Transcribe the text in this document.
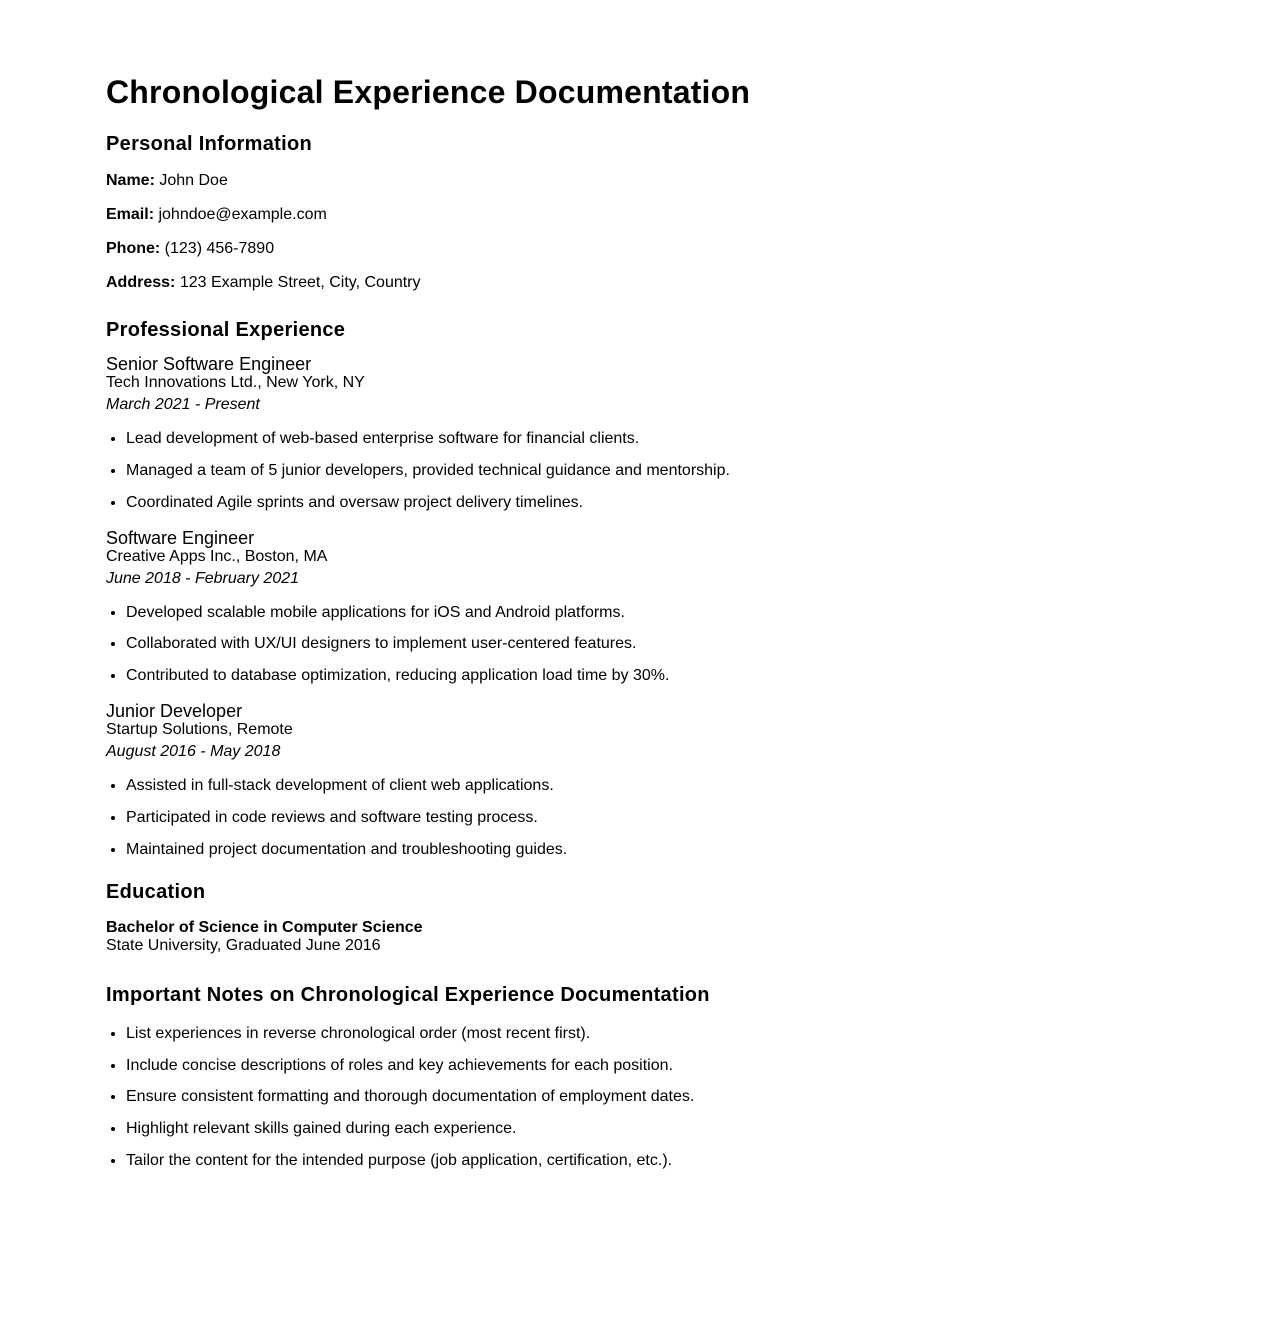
Chronological Experience Documentation
Personal Information

Name: John Doe

Email: johndoe@example.com

Phone: (123) 456-7890

Address: 123 Example Street, City, Country

Professional Experience
Senior Software Engineer
Tech Innovations Ltd., New York, NY
March 2021 - Present
• Lead development of web-based enterprise software for financial clients.
• Managed a team of 5 junior developers, provided technical guidance and mentorship.
• Coordinated Agile sprints and oversaw project delivery timelines.
Software Engineer
Creative Apps Inc., Boston, MA
June 2018 - February 2021
• Developed scalable mobile applications for iOS and Android platforms.
• Collaborated with UX/UI designers to implement user-centered features.
• Contributed to database optimization, reducing application load time by 30%.
Junior Developer
Startup Solutions, Remote
August 2016 - May 2018
• Assisted in full-stack development of client web applications.
• Participated in code reviews and software testing process.
• Maintained project documentation and troubleshooting guides.
Education
Bachelor of Science in Computer Science
State University, Graduated June 2016
Important Notes on Chronological Experience Documentation
• List experiences in reverse chronological order (most recent first).
• Include concise descriptions of roles and key achievements for each position.
• Ensure consistent formatting and thorough documentation of employment dates.
• Highlight relevant skills gained during each experience.
• Tailor the content for the intended purpose (job application, certification, etc.).
